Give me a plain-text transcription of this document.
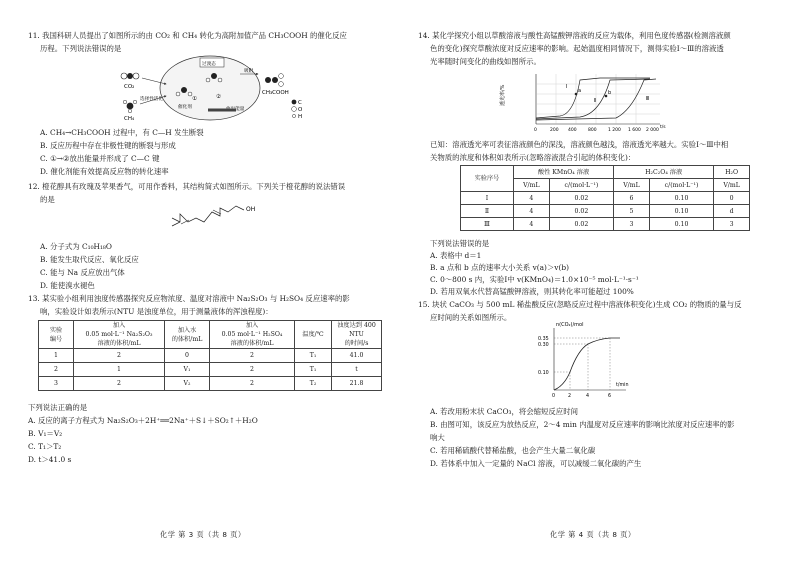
11. 我国科研人员提出了如图所示的由 CO₂ 和 CH₄ 转化为高附加值产品 CH₃COOH 的催化反应
历程。下列说法错误的是
CO₂
CH₄
选择性活化
催化剂
①
过渡态
②
放出能量
吸附
CH₃COOH
C
O
H
A. CH₄→CH₃COOH 过程中，有 C—H 发生断裂
B. 反应历程中存在非极性键的断裂与形成
C. ①→②放出能量并形成了 C—C 键
D. 催化剂能有效提高反应物的转化速率
12. 橙花醇具有玫瑰及苹果香气，可用作香料，其结构简式如图所示。下列关于橙花醇的说法错误
的是
OH
A. 分子式为 C₁₀H₁₈O
B. 能发生取代反应、氧化反应
C. 能与 Na 反应放出气体
D. 能使溴水褪色
13. 某实验小组利用浊度传感器探究反应物浓度、温度对溶液中 Na₂S₂O₃ 与 H₂SO₄ 反应速率的影
响，实验设计如表所示(NTU 是浊度单位，用于测量液体的浑浊程度)：
实验
编号	加入
0.05 mol·L⁻¹ Na₂S₂O₃
溶液的体积/mL	加入水
的体积/mL	加入
0.05 mol·L⁻¹ H₂SO₄
溶液的体积/mL	温度/℃	浊度达到 400 NTU
的时间/s
1	2	0	2	T₁	41.0
2	1	V₁	2	T₁	t
3	2	V₂	2	T₂	21.8
下列说法正确的是
A. 反应的离子方程式为 Na₂S₂O₃＋2H⁺══2Na⁺＋S↓＋SO₂↑＋H₂O
B. V₁＝V₂
C. T₁＞T₂
D. t＞41.0 s
化学 第 3 页（共 8 页）
14. 某化学探究小组以草酸溶液与酸性高锰酸钾溶液的反应为载体，利用色度传感器(检测溶液颜
色的变化)探究草酸浓度对反应速率的影响。起始温度相同情况下，测得实验Ⅰ～Ⅲ的溶液透
光率随时间变化的曲线如图所示。
透光率/%	a	b
Ⅰ
Ⅱ	Ⅲ
0	200 400	800	1 200 1 600 2 000
t/s
已知：溶液透光率可表征溶液颜色的深浅，溶液颜色越浅，溶液透光率越大。实验Ⅰ～Ⅲ中相
关物质的浓度和体积如表所示(忽略溶液混合引起的体积变化)：
实验序号	酸性 KMnO₄ 溶液		H₂C₂O₄ 溶液		H₂O
	V/mL	c/(mol·L⁻¹)	V/mL	c/(mol·L⁻¹)	V/mL
Ⅰ	4	0.02	6	0.10	0
Ⅱ	4	0.02	5	0.10	d
Ⅲ	4	0.02	3	0.10	3
下列说法错误的是
A. 表格中 d＝1
B. a 点和 b 点的速率大小关系 v(a)＞v(b)
C. 0～800 s 内，实验Ⅰ中 v(KMnO₄)＝1.0×10⁻⁵ mol·L⁻¹·s⁻¹
D. 若用双氧水代替高锰酸钾溶液，则其转化率可能超过 100%
15. 块状 CaCO₃ 与 500 mL 稀盐酸反应(忽略反应过程中溶液体积变化)生成 CO₂ 的物质的量与反
应时间的关系如图所示。
n(CO₂)/mol
0.35
0.30
0.10
0	2	4	6
t/min
A. 若改用粉末状 CaCO₃，将会缩短反应时间
B. 由图可知，该反应为放热反应，2～4 min 内温度对反应速率的影响比浓度对反应速率的影
响大
C. 若用稀硫酸代替稀盐酸，也会产生大量二氧化碳
D. 若体系中加入一定量的 NaCl 溶液，可以减缓二氧化碳的产生
化学 第 4 页（共 8 页）
